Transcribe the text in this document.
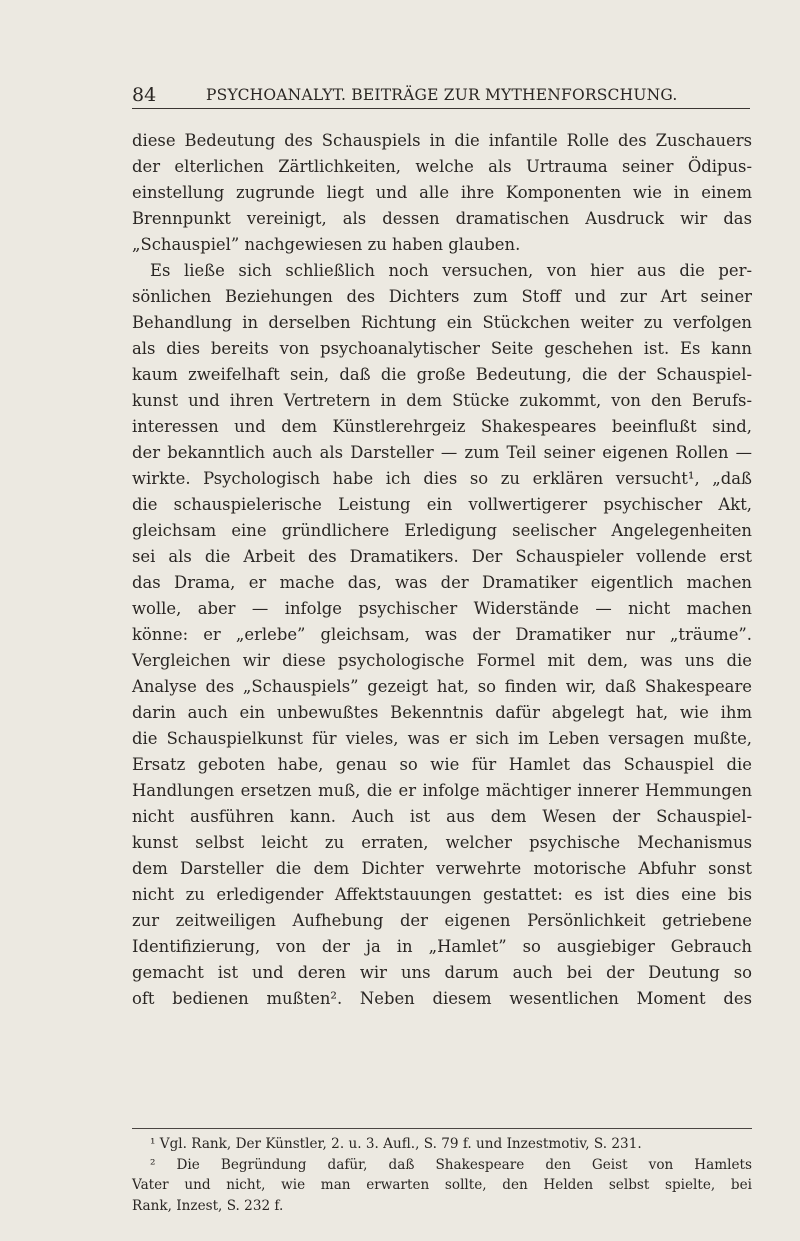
84	PSYCHOANALYT. BEITRÄGE ZUR MYTHENFORSCHUNG.
diese Bedeutung des Schauspiels in die infantile Rolle des Zuschauers
der elterlichen Zärtlichkeiten, welche als Urtrauma seiner Ödipus-
einstellung zugrunde liegt und alle ihre Komponenten wie in einem
Brennpunkt vereinigt, als dessen dramatischen Ausdruck wir das
„Schauspiel” nachgewiesen zu haben glauben.
Es ließe sich schließlich noch versuchen, von hier aus die per-
sönlichen Beziehungen des Dichters zum Stoff und zur Art seiner
Behandlung in derselben Richtung ein Stückchen weiter zu verfolgen
als dies bereits von psychoanalytischer Seite geschehen ist. Es kann
kaum zweifelhaft sein, daß die große Bedeutung, die der Schauspiel-
kunst und ihren Vertretern in dem Stücke zukommt, von den Berufs-
interessen und dem Künstlerehrgeiz Shakespeares beeinflußt sind,
der bekanntlich auch als Darsteller — zum Teil seiner eigenen Rollen —
wirkte. Psychologisch habe ich dies so zu erklären versucht¹, „daß
die schauspielerische Leistung ein vollwertigerer psychischer Akt,
gleichsam eine gründlichere Erledigung seelischer Angelegenheiten
sei als die Arbeit des Dramatikers. Der Schauspieler vollende erst
das Drama, er mache das, was der Dramatiker eigentlich machen
wolle, aber — infolge psychischer Widerstände — nicht machen
könne: er „erlebe” gleichsam, was der Dramatiker nur „träume”.
Vergleichen wir diese psychologische Formel mit dem, was uns die
Analyse des „Schauspiels” gezeigt hat, so finden wir, daß Shakespeare
darin auch ein unbewußtes Bekenntnis dafür abgelegt hat, wie ihm
die Schauspielkunst für vieles, was er sich im Leben versagen mußte,
Ersatz geboten habe, genau so wie für Hamlet das Schauspiel die
Handlungen ersetzen muß, die er infolge mächtiger innerer Hemmungen
nicht ausführen kann. Auch ist aus dem Wesen der Schauspiel-
kunst selbst leicht zu erraten, welcher psychische Mechanismus
dem Darsteller die dem Dichter verwehrte motorische Abfuhr sonst
nicht zu erledigender Affektstauungen gestattet: es ist dies eine bis
zur zeitweiligen Aufhebung der eigenen Persönlichkeit getriebene
Identifizierung, von der ja in „Hamlet” so ausgiebiger Gebrauch
gemacht ist und deren wir uns darum auch bei der Deutung so
oft bedienen mußten². Neben diesem wesentlichen Moment des
¹ Vgl. Rank, Der Künstler, 2. u. 3. Aufl., S. 79 f. und Inzestmotiv, S. 231.
² Die Begründung dafür, daß Shakespeare den Geist von Hamlets
Vater und nicht, wie man erwarten sollte, den Helden selbst spielte, bei
Rank, Inzest, S. 232 f.
